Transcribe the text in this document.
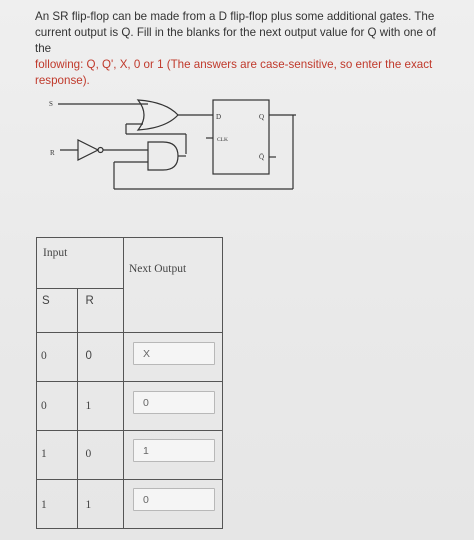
An SR flip-flop can be made from a D flip-flop plus some additional gates. The
current output is Q. Fill in the blanks for the next output value for Q with one of the
following: Q, Q', X, 0 or 1 (The answers are case-sensitive, so enter the exact
response).
S
R
D	Q
CLK
Q̄
Input		Next Output

S	R	

0	0	X

0	1	0

1	0	1

1	1	0
